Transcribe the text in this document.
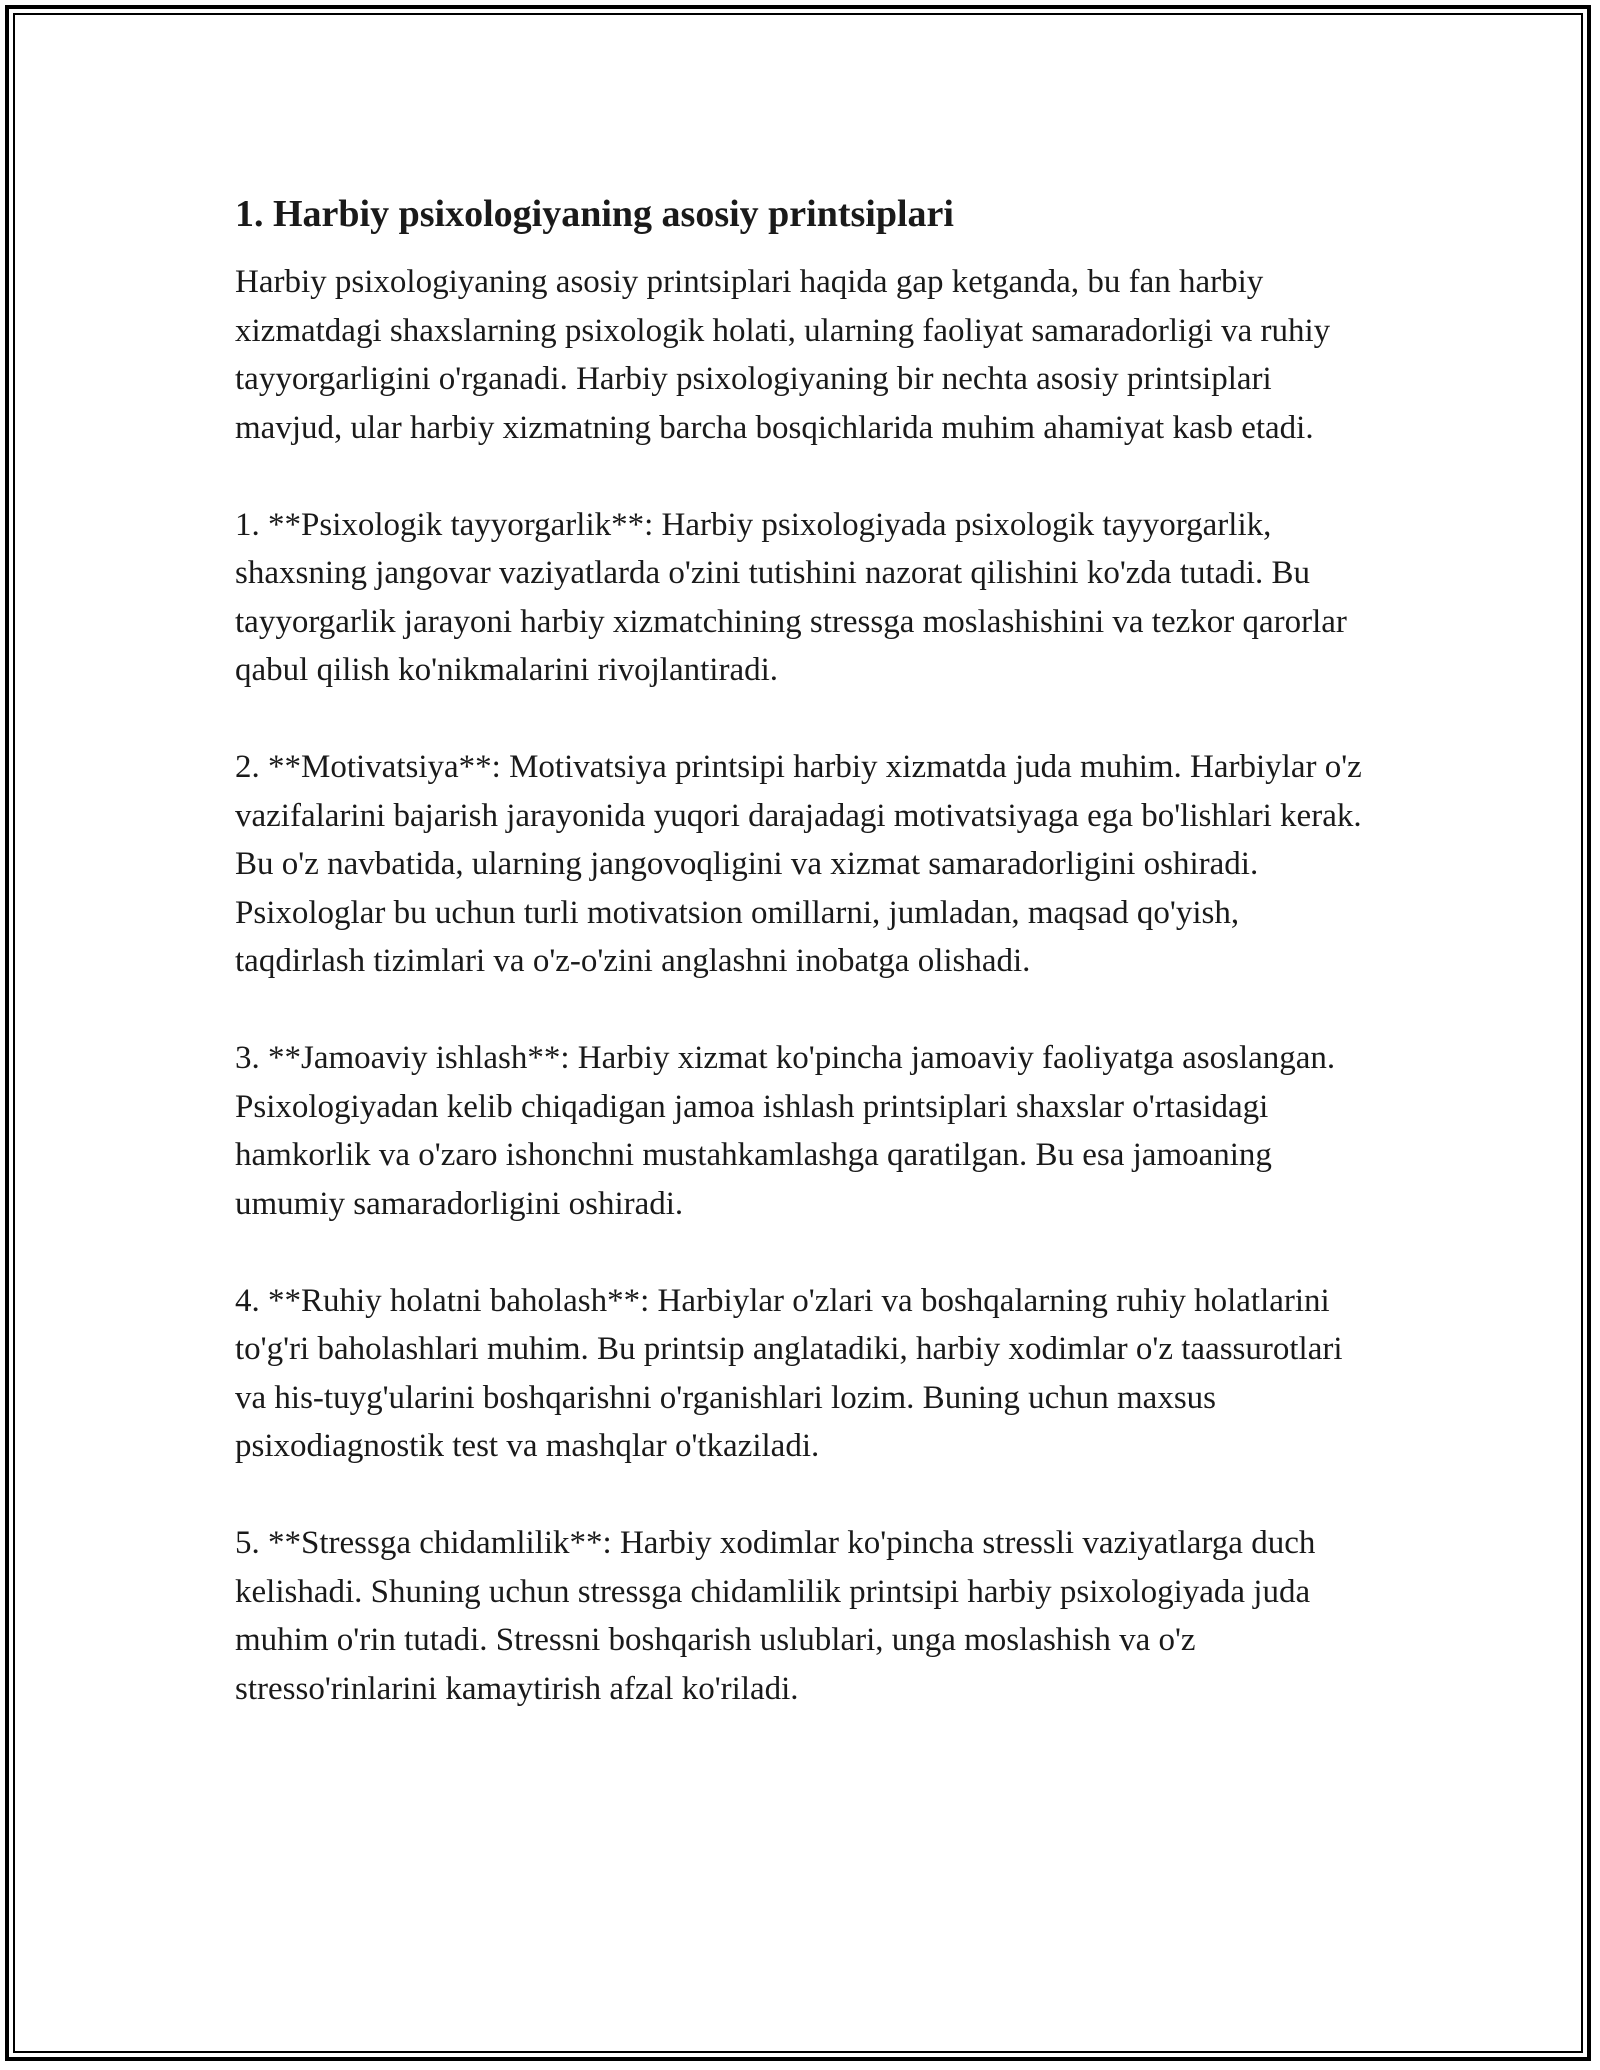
1. Harbiy psixologiyaning asosiy printsiplari

Harbiy psixologiyaning asosiy printsiplari haqida gap ketganda, bu fan harbiy xizmatdagi shaxslarning psixologik holati, ularning faoliyat samaradorligi va ruhiy tayyorgarligini o'rganadi. Harbiy psixologiyaning bir nechta asosiy printsiplari mavjud, ular harbiy xizmatning barcha bosqichlarida muhim ahamiyat kasb etadi.

1. **Psixologik tayyorgarlik**: Harbiy psixologiyada psixologik tayyorgarlik, shaxsning jangovar vaziyatlarda o'zini tutishini nazorat qilishini ko'zda tutadi. Bu tayyorgarlik jarayoni harbiy xizmatchining stressga moslashishini va tezkor qarorlar qabul qilish ko'nikmalarini rivojlantiradi.

2. **Motivatsiya**: Motivatsiya printsipi harbiy xizmatda juda muhim. Harbiylar o'z vazifalarini bajarish jarayonida yuqori darajadagi motivatsiyaga ega bo'lishlari kerak. Bu o'z navbatida, ularning jangovoqligini va xizmat samaradorligini oshiradi. Psixologlar bu uchun turli motivatsion omillarni, jumladan, maqsad qo'yish, taqdirlash tizimlari va o'z-o'zini anglashni inobatga olishadi.

3. **Jamoaviy ishlash**: Harbiy xizmat ko'pincha jamoaviy faoliyatga asoslangan. Psixologiyadan kelib chiqadigan jamoa ishlash printsiplari shaxslar o'rtasidagi hamkorlik va o'zaro ishonchni mustahkamlashga qaratilgan. Bu esa jamoaning umumiy samaradorligini oshiradi.

4. **Ruhiy holatni baholash**: Harbiylar o'zlari va boshqalarning ruhiy holatlarini to'g'ri baholashlari muhim. Bu printsip anglatadiki, harbiy xodimlar o'z taassurotlari va his-tuyg'ularini boshqarishni o'rganishlari lozim. Buning uchun maxsus psixodiagnostik test va mashqlar o'tkaziladi.

5. **Stressga chidamlilik**: Harbiy xodimlar ko'pincha stressli vaziyatlarga duch kelishadi. Shuning uchun stressga chidamlilik printsipi harbiy psixologiyada juda muhim o'rin tutadi. Stressni boshqarish uslublari, unga moslashish va o'z stresso'rinlarini kamaytirish afzal ko'riladi.
